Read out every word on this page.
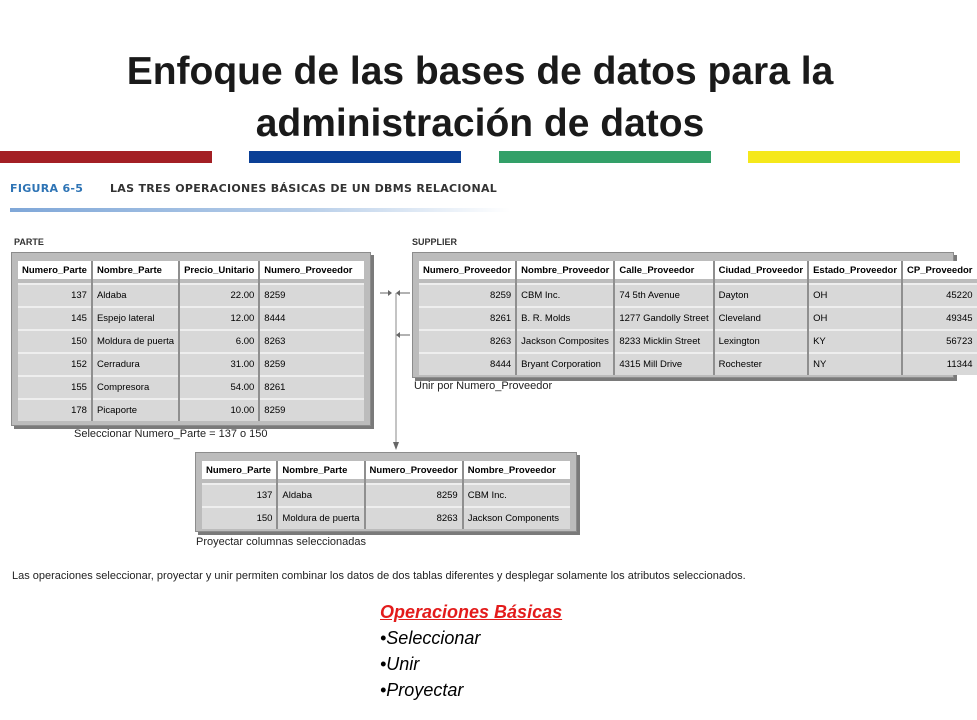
Enfoque de las bases de datos para la
administración de datos
FIGURA 6-5 LAS TRES OPERACIONES BÁSICAS DE UN DBMS RELACIONAL
PARTE
Numero_Parte	Nombre_Parte	Precio_Unitario	Numero_Proveedor

137	Aldaba	22.00	8259
145	Espejo lateral	12.00	8444
150	Moldura de puerta	6.00	8263
152	Cerradura	31.00	8259
155	Compresora	54.00	8261
178	Picaporte	10.00	8259
Seleccionar Numero_Parte = 137 o 150
SUPPLIER
Numero_Proveedor	Nombre_Proveedor	Calle_Proveedor	Ciudad_Proveedor	Estado_Proveedor	CP_Proveedor

8259	CBM Inc.	74 5th Avenue	Dayton	OH	45220
8261	B. R. Molds	1277 Gandolly Street	Cleveland	OH	49345
8263	Jackson Composites	8233 Micklin Street	Lexington	KY	56723
8444	Bryant Corporation	4315 Mill Drive	Rochester	NY	11344
Unir por Numero_Proveedor
Numero_Parte	Nombre_Parte	Numero_Proveedor	Nombre_Proveedor

137	Aldaba	8259	CBM Inc.
150	Moldura de puerta	8263	Jackson Components
Proyectar columnas seleccionadas
Las operaciones seleccionar, proyectar y unir permiten combinar los datos de dos tablas diferentes y desplegar solamente los atributos seleccionados.
Operaciones Básicas
•Seleccionar
•Unir
•Proyectar
